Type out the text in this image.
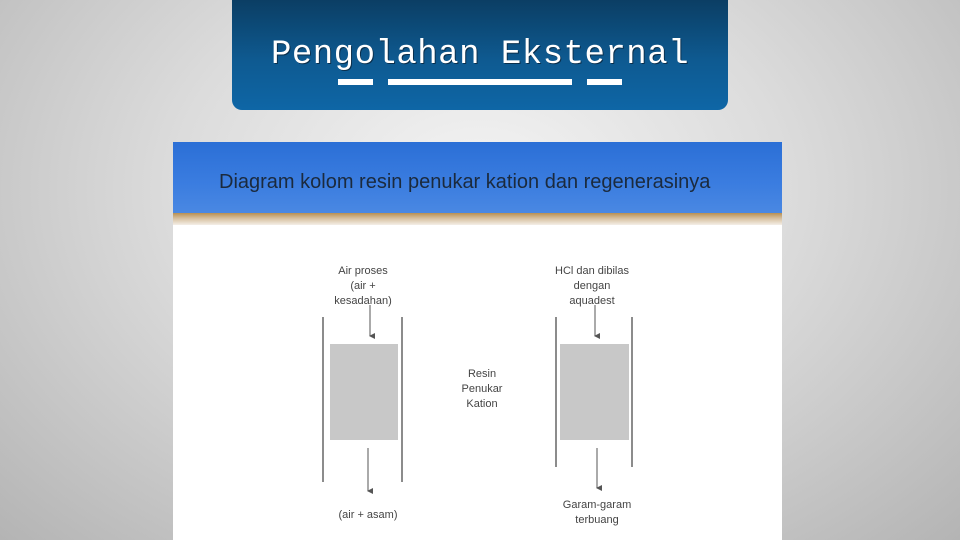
Pengolahan Eksternal
Diagram kolom resin penukar kation dan regenerasinya
Air proses
(air +
kesadahan)
(air + asam)
Resin
Penukar
Kation
HCl dan dibilas
dengan
aquadest
Garam-garam
terbuang
